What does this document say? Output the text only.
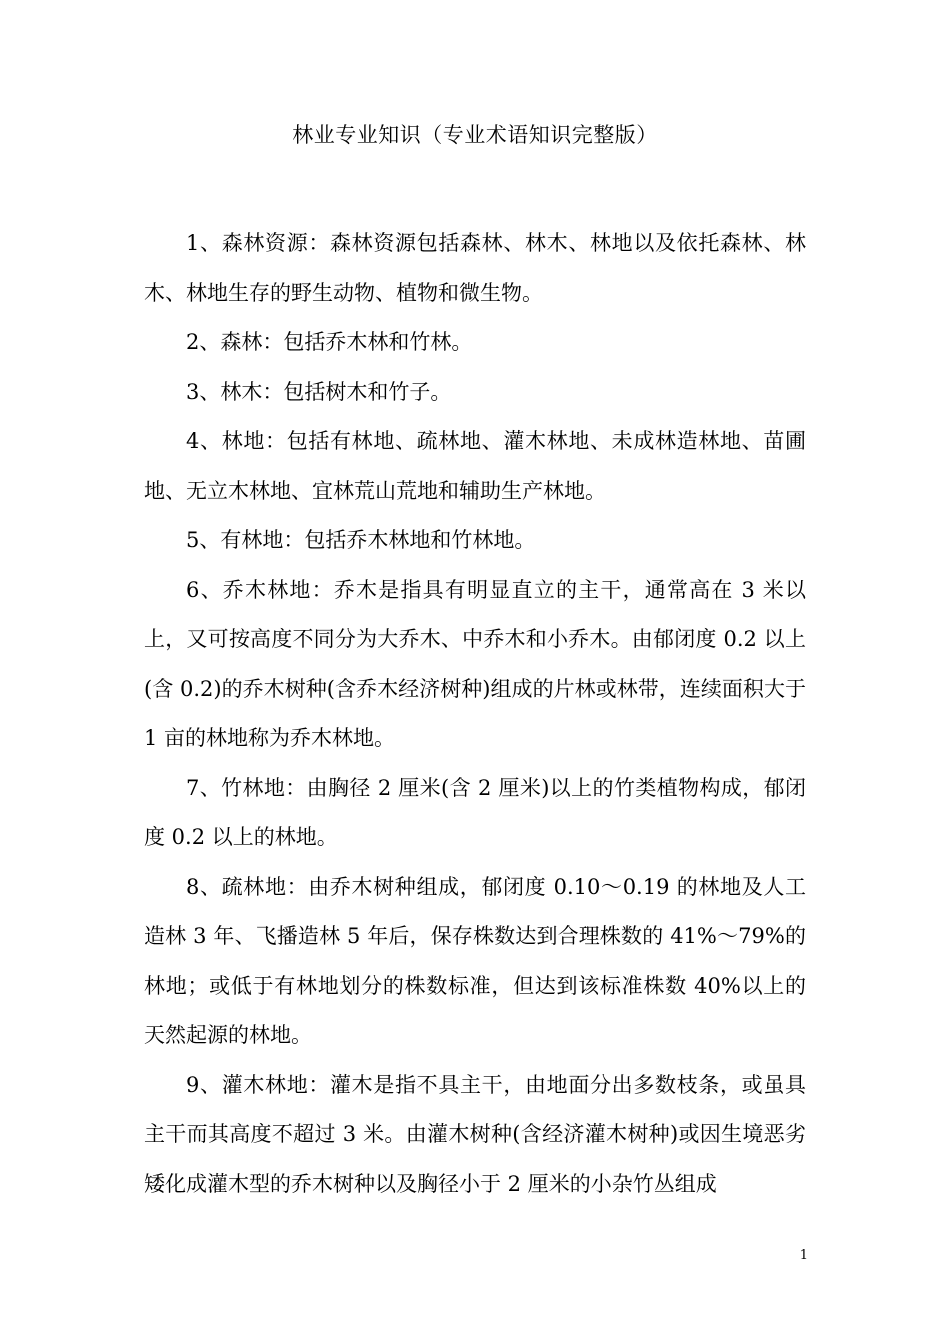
林业专业知识（专业术语知识完整版）

1、森林资源：森林资源包括森林、林木、林地以及依托森林、林木、林地生存的野生动物、植物和微生物。

2、森林：包括乔木林和竹林。

3、林木：包括树木和竹子。

4、林地：包括有林地、疏林地、灌木林地、未成林造林地、苗圃地、无立木林地、宜林荒山荒地和辅助生产林地。

5、有林地：包括乔木林地和竹林地。

6、乔木林地：乔木是指具有明显直立的主干，通常高在 3 米以上，又可按高度不同分为大乔木、中乔木和小乔木。由郁闭度 0.2 以上(含 0.2)的乔木树种(含乔木经济树种)组成的片林或林带，连续面积大于 1 亩的林地称为乔木林地。

7、竹林地：由胸径 2 厘米(含 2 厘米)以上的竹类植物构成，郁闭度 0.2 以上的林地。

8、疏林地：由乔木树种组成，郁闭度 0.10～0.19 的林地及人工造林 3 年、飞播造林 5 年后，保存株数达到合理株数的 41%～79%的林地；或低于有林地划分的株数标准，但达到该标准株数 40%以上的天然起源的林地。

9、灌木林地：灌木是指不具主干，由地面分出多数枝条，或虽具主干而其高度不超过 3 米。由灌木树种(含经济灌木树种)或因生境恶劣矮化成灌木型的乔木树种以及胸径小于 2 厘米的小杂竹丛组成

1
